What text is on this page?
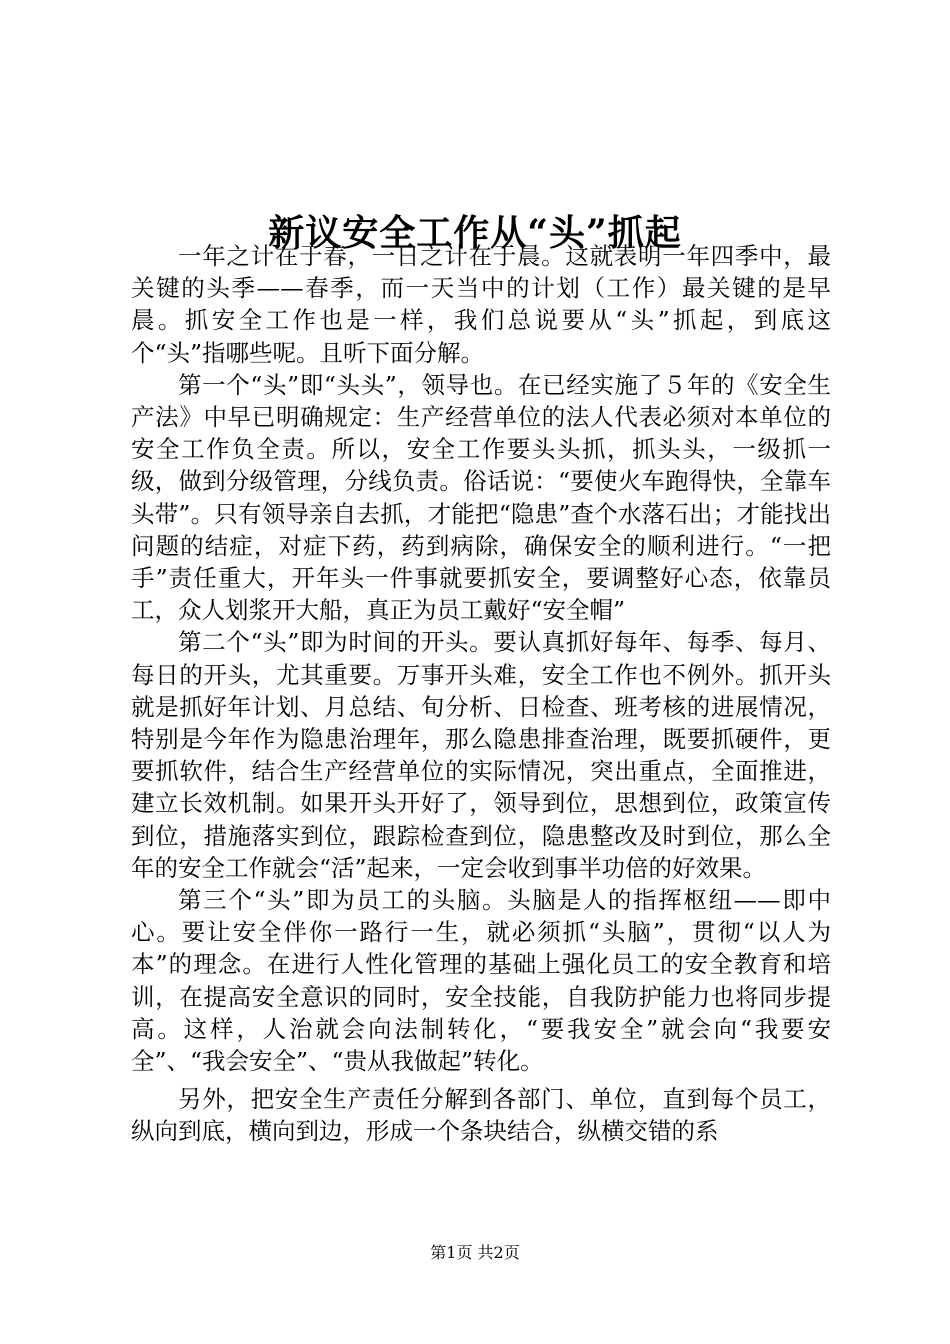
新议安全工作从“头”抓起

一年之计在于春，一日之计在于晨。这就表明一年四季中，最关键的头季——春季，而一天当中的计划（工作）最关键的是早晨。抓安全工作也是一样，我们总说要从“头”抓起，到底这个“头”指哪些呢。且听下面分解。

第一个“头”即“头头”，领导也。在已经实施了５年的《安全生产法》中早已明确规定：生产经营单位的法人代表必须对本单位的安全工作负全责。所以，安全工作要头头抓，抓头头，一级抓一级，做到分级管理，分线负责。俗话说：“要使火车跑得快，全靠车头带”。只有领导亲自去抓，才能把“隐患”查个水落石出；才能找出问题的结症，对症下药，药到病除，确保安全的顺利进行。“一把手”责任重大，开年头一件事就要抓安全，要调整好心态，依靠员工，众人划浆开大船，真正为员工戴好“安全帽”

第二个“头”即为时间的开头。要认真抓好每年、每季、每月、每日的开头，尤其重要。万事开头难，安全工作也不例外。抓开头就是抓好年计划、月总结、旬分析、日检查、班考核的进展情况，特别是今年作为隐患治理年，那么隐患排查治理，既要抓硬件，更要抓软件，结合生产经营单位的实际情况，突出重点，全面推进，建立长效机制。如果开头开好了，领导到位，思想到位，政策宣传到位，措施落实到位，跟踪检查到位，隐患整改及时到位，那么全年的安全工作就会“活”起来，一定会收到事半功倍的好效果。

第三个“头”即为员工的头脑。头脑是人的指挥枢纽——即中心。要让安全伴你一路行一生，就必须抓“头脑”，贯彻“以人为本”的理念。在进行人性化管理的基础上强化员工的安全教育和培训，在提高安全意识的同时，安全技能，自我防护能力也将同步提高。这样，人治就会向法制转化，“要我安全”就会向“我要安全”、“我会安全”、“贵从我做起”转化。

另外，把安全生产责任分解到各部门、单位，直到每个员工，纵向到底，横向到边，形成一个条块结合，纵横交错的系

第1页 共2页
